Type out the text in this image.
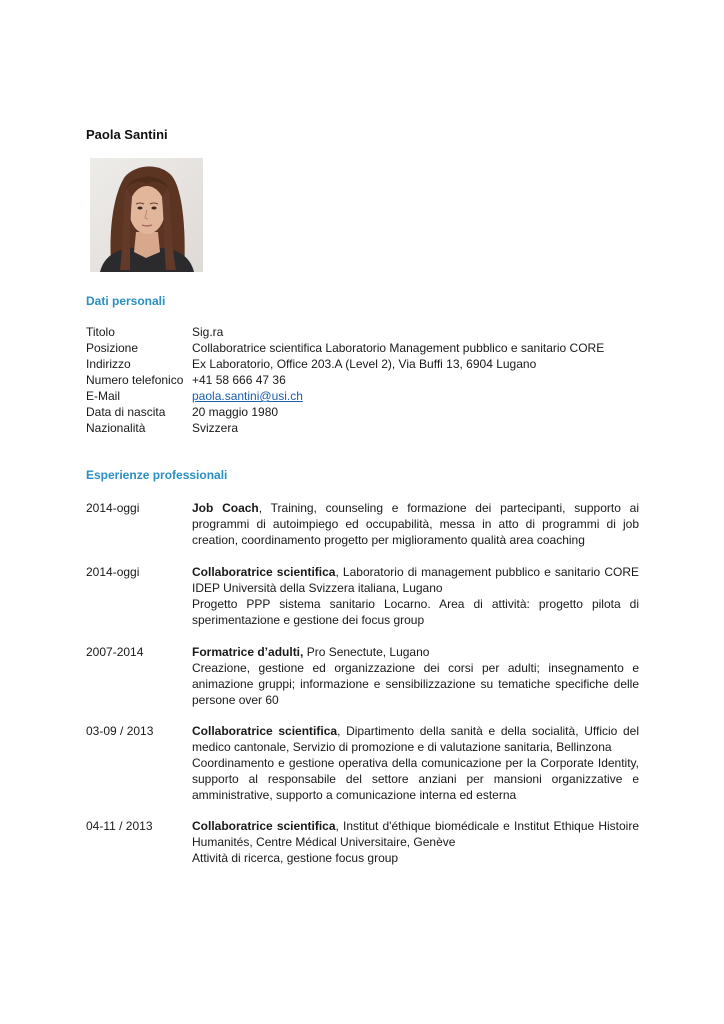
Paola Santini
Dati personali
Titolo	Sig.ra
Posizione	Collaboratrice scientifica Laboratorio Management pubblico e sanitario CORE
Indirizzo	Ex Laboratorio, Office 203.A (Level 2), Via Buffi 13, 6904 Lugano
Numero telefonico +41 58 666 47 36
E-Mail	paola.santini@usi.ch
Data di nascita	20 maggio 1980
Nazionalità	Svizzera
Esperienze professionali
2014-oggi	Job Coach, Training, counseling e formazione dei partecipanti, supporto ai programmi di autoimpiego ed occupabilità, messa in atto di programmi di job creation, coordinamento progetto per miglioramento qualità area coaching

2014-oggi	Collaboratrice scientifica, Laboratorio di management pubblico e sanitario CORE IDEP Università della Svizzera italiana, Lugano

Progetto PPP sistema sanitario Locarno. Area di attività: progetto pilota di sperimentazione e gestione dei focus group

2007-2014	Formatrice d’adulti, Pro Senectute, Lugano

Creazione, gestione ed organizzazione dei corsi per adulti; insegnamento e animazione gruppi; informazione e sensibilizzazione su tematiche specifiche delle persone over 60

03-09 / 2013	Collaboratrice scientifica, Dipartimento della sanità e della socialità, Ufficio del medico cantonale, Servizio di promozione e di valutazione sanitaria, Bellinzona

Coordinamento e gestione operativa della comunicazione per la Corporate Identity, supporto al responsabile del settore anziani per mansioni organizzative e amministrative, supporto a comunicazione interna ed esterna

04-11 / 2013	Collaboratrice scientifica, Institut d'éthique biomédicale e Institut Ethique Histoire Humanités, Centre Médical Universitaire, Genève

Attività di ricerca, gestione focus group
